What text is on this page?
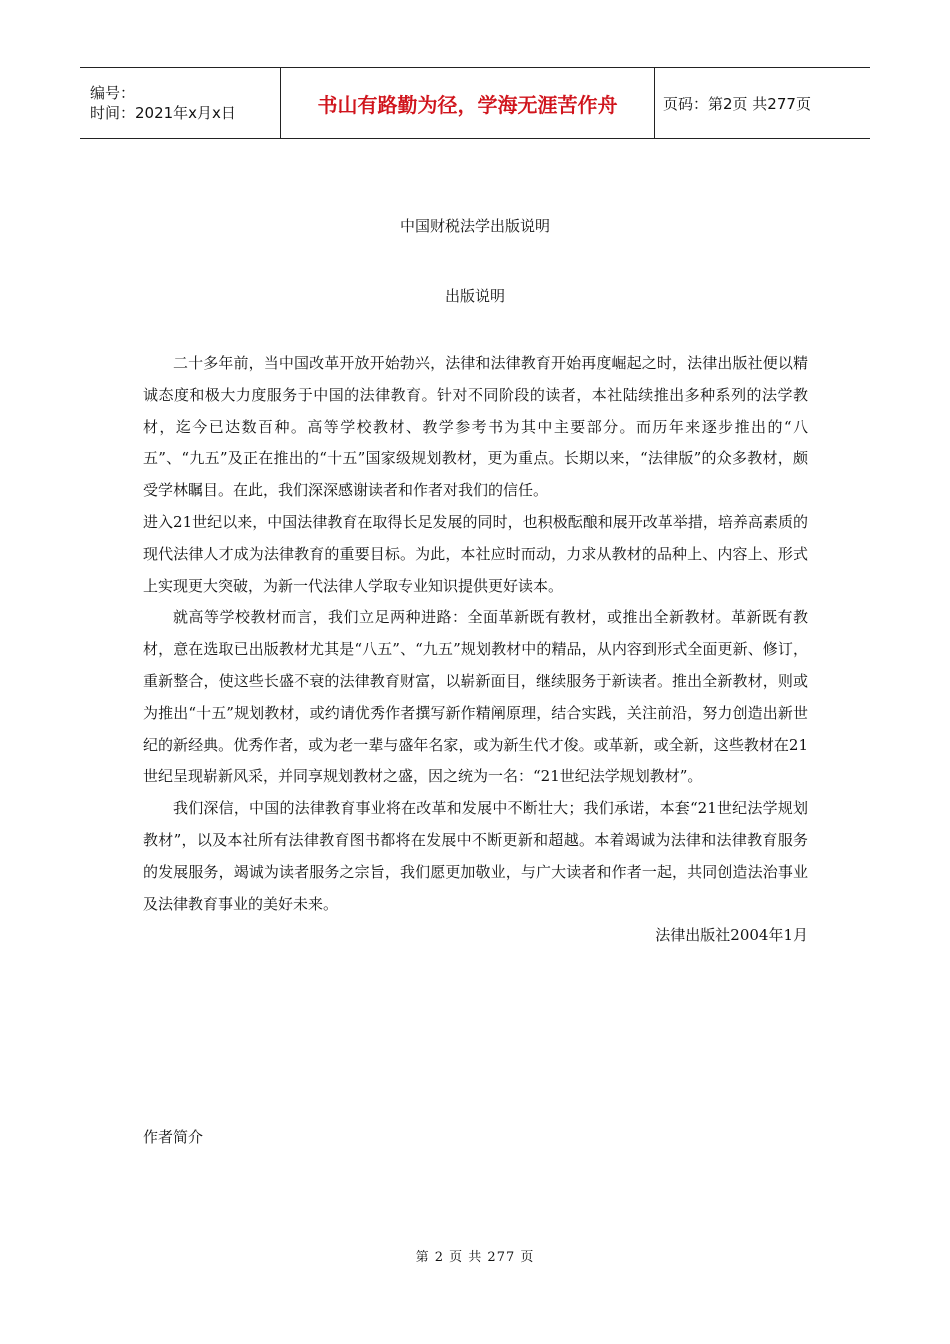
编号：
时间：2021年x月x日	书山有路勤为径，学海无涯苦作舟	页码：第2页 共277页
中国财税法学出版说明
出版说明

二十多年前，当中国改革开放开始勃兴，法律和法律教育开始再度崛起之时，法律出版社便以精诚态度和极大力度服务于中国的法律教育。针对不同阶段的读者，本社陆续推出多种系列的法学教材，迄今已达数百种。高等学校教材、教学参考书为其中主要部分。而历年来逐步推出的“八五”、“九五”及正在推出的“十五”国家级规划教材，更为重点。长期以来，“法律版”的众多教材，颇受学林瞩目。在此，我们深深感谢读者和作者对我们的信任。

进入21世纪以来，中国法律教育在取得长足发展的同时，也积极酝酿和展开改革举措，培养高素质的现代法律人才成为法律教育的重要目标。为此，本社应时而动，力求从教材的品种上、内容上、形式上实现更大突破，为新一代法律人学取专业知识提供更好读本。

就高等学校教材而言，我们立足两种进路：全面革新既有教材，或推出全新教材。革新既有教材，意在选取已出版教材尤其是“八五”、“九五”规划教材中的精品，从内容到形式全面更新、修订，重新整合，使这些长盛不衰的法律教育财富，以崭新面目，继续服务于新读者。推出全新教材，则或为推出“十五”规划教材，或约请优秀作者撰写新作精阐原理，结合实践，关注前沿，努力创造出新世纪的新经典。优秀作者，或为老一辈与盛年名家，或为新生代才俊。或革新，或全新，这些教材在21世纪呈现崭新风采，并同享规划教材之盛，因之统为一名：“21世纪法学规划教材”。

我们深信，中国的法律教育事业将在改革和发展中不断壮大；我们承诺，本套“21世纪法学规划教材”，以及本社所有法律教育图书都将在发展中不断更新和超越。本着竭诚为法律和法律教育服务的发展服务，竭诚为读者服务之宗旨，我们愿更加敬业，与广大读者和作者一起，共同创造法治事业及法律教育事业的美好未来。

法律出版社2004年1月

作者简介
第 2 页 共 277 页
